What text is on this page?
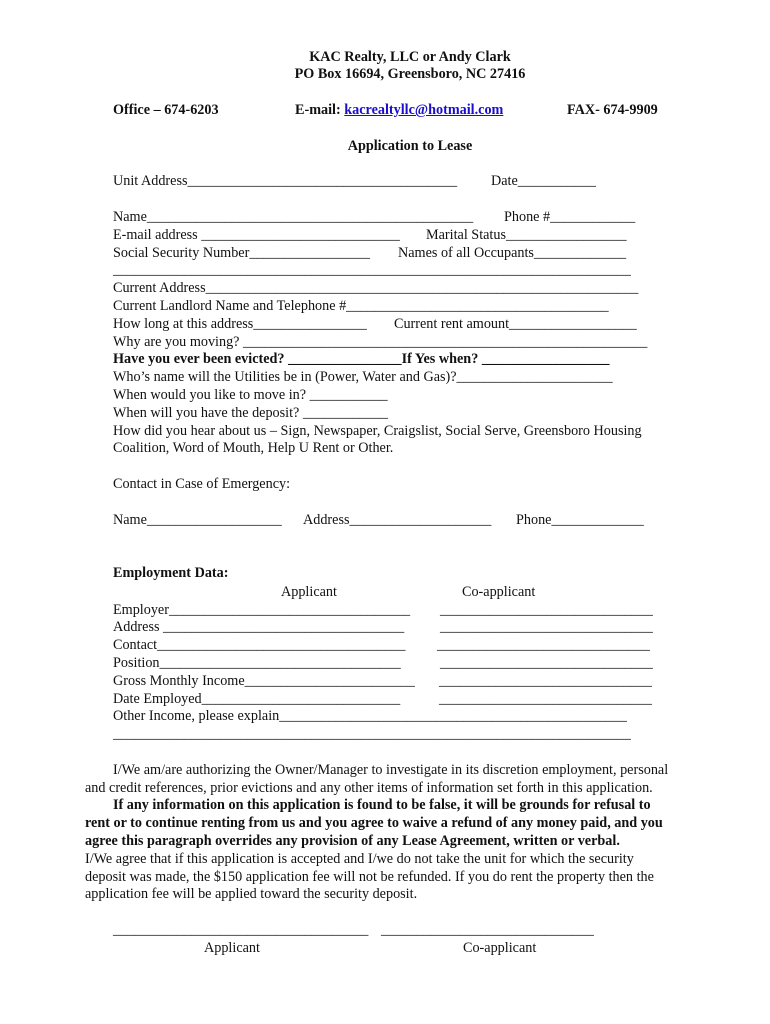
KAC Realty, LLC or Andy Clark
PO Box 16694, Greensboro, NC 27416
Office – 674-6203	E-mail: kacrealtyllc@hotmail.com	FAX- 674-9909
Application to Lease
Unit Address______________________________________ Date___________
Name______________________________________________ Phone #____________
E-mail address ____________________________ Marital Status_________________
Social Security Number_________________ Names of all Occupants_____________
_________________________________________________________________________
Current Address_____________________________________________________________
Current Landlord Name and Telephone #_____________________________________
How long at this address________________ Current rent amount__________________
Why are you moving? _________________________________________________________
Have you ever been evicted? ________________If Yes when? __________________
Who’s name will the Utilities be in (Power, Water and Gas)?______________________
When would you like to move in? ___________
When will you have the deposit? ____________
How did you hear about us – Sign, Newspaper, Craigslist, Social Serve, Greensboro Housing
Coalition, Word of Mouth, Help U Rent or Other.
Contact in Case of Emergency:
Name___________________ Address____________________ Phone_____________
Employment Data:
Applicant	Co-applicant
Employer__________________________________ ______________________________
Address __________________________________	______________________________
Contact___________________________________ ______________________________
Position__________________________________	______________________________
Gross Monthly Income________________________ ______________________________
Date Employed____________________________	______________________________
Other Income, please explain_________________________________________________
_________________________________________________________________________
I/We am/are authorizing the Owner/Manager to investigate in its discretion employment, personal
and credit references, prior evictions and any other items of information set forth in this application.
If any information on this application is found to be false, it will be grounds for refusal to
rent or to continue renting from us and you agree to waive a refund of any money paid, and you
agree this paragraph overrides any provision of any Lease Agreement, written or verbal.
I/We agree that if this application is accepted and I/we do not take the unit for which the security
deposit was made, the $150 application fee will not be refunded. If you do rent the property then the
application fee will be applied toward the security deposit.
____________________________________ ______________________________
Applicant	Co-applicant
